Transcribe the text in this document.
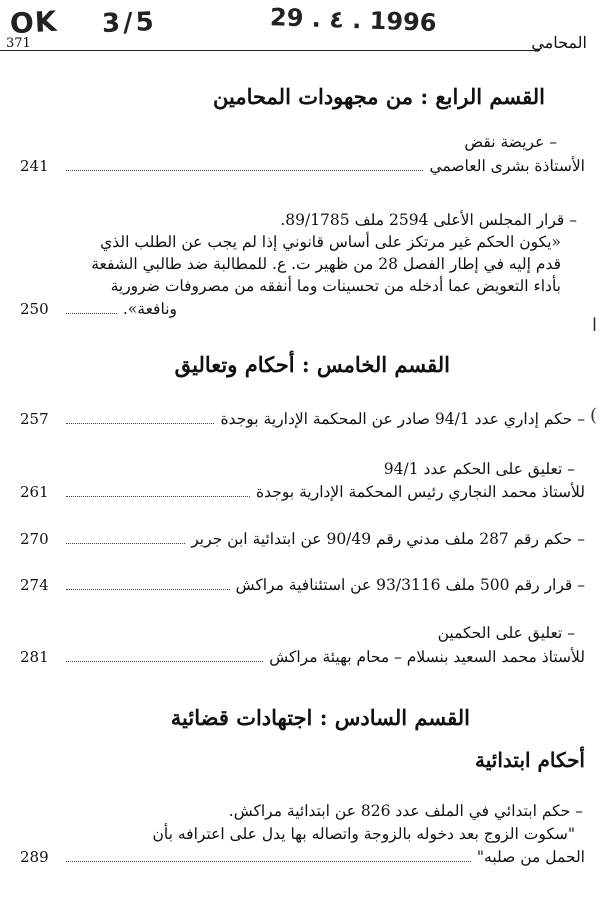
OK 3/5	29 . ٤ . 1996
371	المحامي
القسم الرابع : من مجهودات المحامين
– عريضة نقض
241	الأستاذة بشرى العاصمي
– قرار المجلس الأعلى 2594 ملف 89/1785.
«يكون الحكم غير مرتكز على أساس قانوني إذا لم يجب عن الطلب الذي
قدم إليه في إطار الفصل 28 من ظهير ت. ع. للمطالبة ضد طالبي الشفعة
بأداء التعويض عما أدخله من تحسينات وما أنفقه من مصروفات ضرورية
250	ونافعة».
ا
القسم الخامس : أحكام وتعاليق
257	– حكم إداري عدد 94/1 صادر عن المحكمة الإدارية بوجدة (
– تعليق على الحكم عدد 94/1
261	للأستاذ محمد النجاري رئيس المحكمة الإدارية بوجدة
270	– حكم رقم 287 ملف مدني رقم 90/49 عن ابتدائية ابن جرير
274	– قرار رقم 500 ملف 93/3116 عن استئنافية مراكش
– تعليق على الحكمين
281	للأستاذ محمد السعيد بنسلام – محام بهيئة مراكش
القسم السادس : اجتهادات قضائية
أحكام ابتدائية
– حكم ابتدائي في الملف عدد 826 عن ابتدائية مراكش.
"سكوت الزوج بعد دخوله بالزوجة واتصاله بها يدل على اعترافه بأن
289	الحمل من صلبه"
